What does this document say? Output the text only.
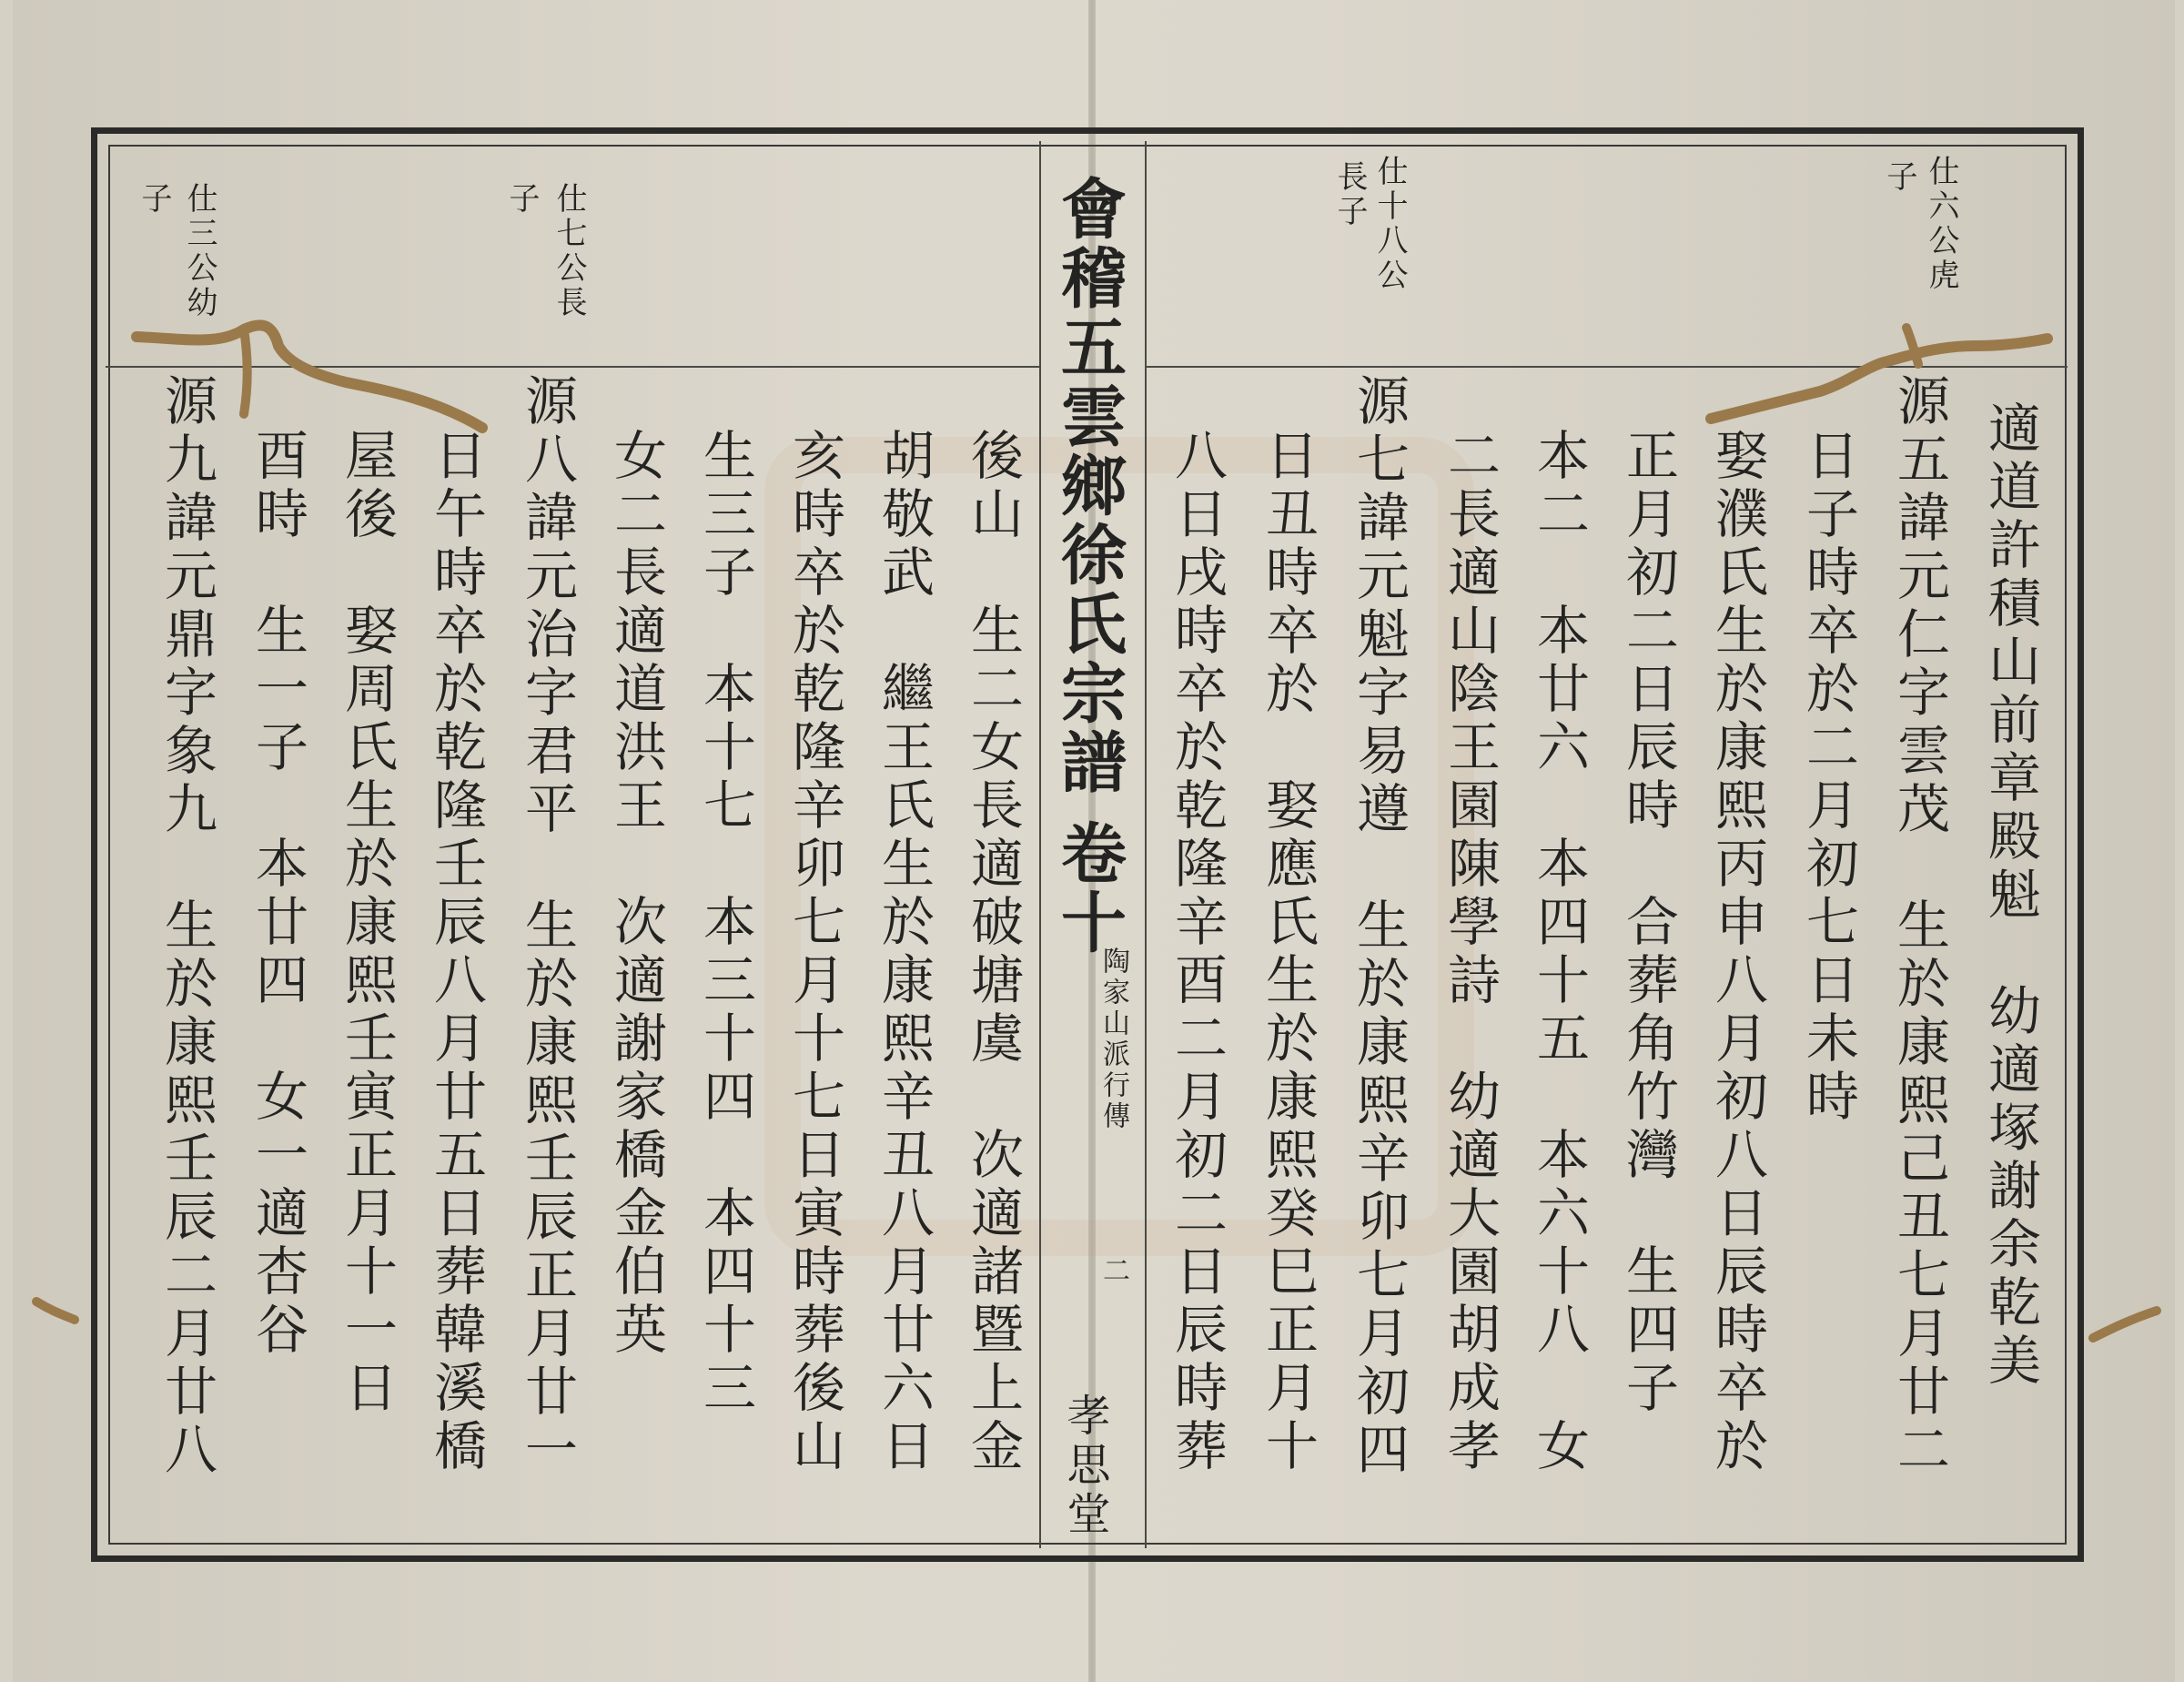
會稽五雲鄉徐氏宗譜
卷十
陶家山派行傳
二
孝思堂
適道許積山前章殿魁　幼適塚謝余乾美
仕六公虎
子
源五諱元仁字雲茂　生於康熙己丑七月廿二
日子時卒於二月初七日未時
娶濮氏生於康熙丙申八月初八日辰時卒於
正月初二日辰時　合葬角竹灣　生四子
本二　本廿六　本四十五　本六十八　女
二長適山陰王園陳學詩　幼適大園胡成孝
仕十八公
長子
源七諱元魁字易遵　生於康熙辛卯七月初四
日丑時卒於　娶應氏生於康熙癸巳正月十
八日戌時卒於乾隆辛酉二月初二日辰時葬
後山　生二女長適破塘虞　次適諸暨上金
胡敬武　繼王氏生於康熙辛丑八月廿六日
亥時卒於乾隆辛卯七月十七日寅時葬後山
生三子　本十七　本三十四　本四十三
女二長適道洪王　次適謝家橋金伯英
仕七公長
子
源八諱元治字君平　生於康熙壬辰正月廿一
日午時卒於乾隆壬辰八月廿五日葬韓溪橋
屋後　娶周氏生於康熙壬寅正月十一日
酉時　生一子　本廿四　女一適杏谷
仕三公幼
子
源九諱元鼎字象九　生於康熙壬辰二月廿八
